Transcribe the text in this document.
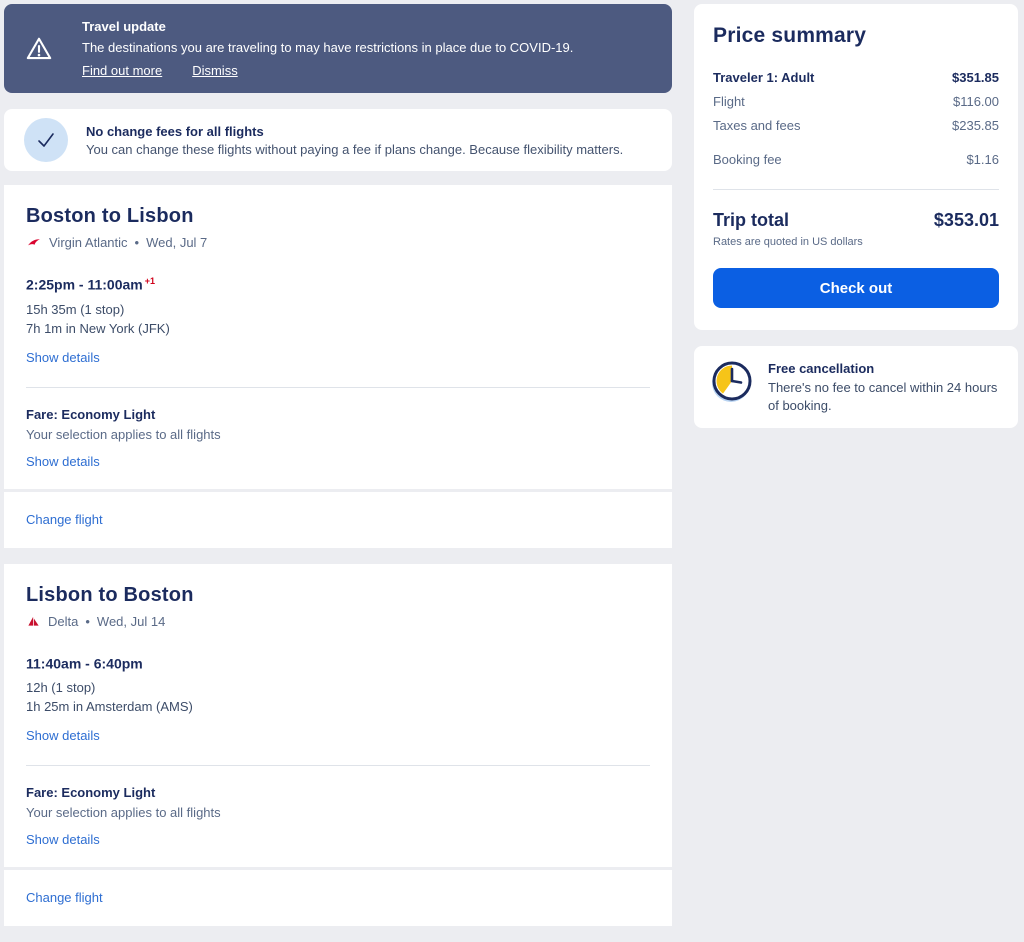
Travel update
The destinations you are traveling to may have restrictions in place due to COVID-19.
Find out more Dismiss
No change fees for all flights
You can change these flights without paying a fee if plans change. Because flexibility matters.
Boston to Lisbon
Virgin Atlantic • Wed, Jul 7
2:25pm - 11:00am $^{+1}$
15h 35m (1 stop)
7h 1m in New York (JFK)
Show details
Fare: Economy Light
Your selection applies to all flights
Show details
Change flight
Lisbon to Boston
Delta • Wed, Jul 14
11:40am - 6:40pm
12h (1 stop)
1h 25m in Amsterdam (AMS)
Show details
Fare: Economy Light
Your selection applies to all flights
Show details
Change flight
Price summary
Traveler 1: Adult	$351.85
Flight	$116.00
Taxes and fees	$235.85
Booking fee	$1.16
Trip total	$353.01
Rates are quoted in US dollars
Check out
Free cancellation
There's no fee to cancel within 24 hours of booking.
